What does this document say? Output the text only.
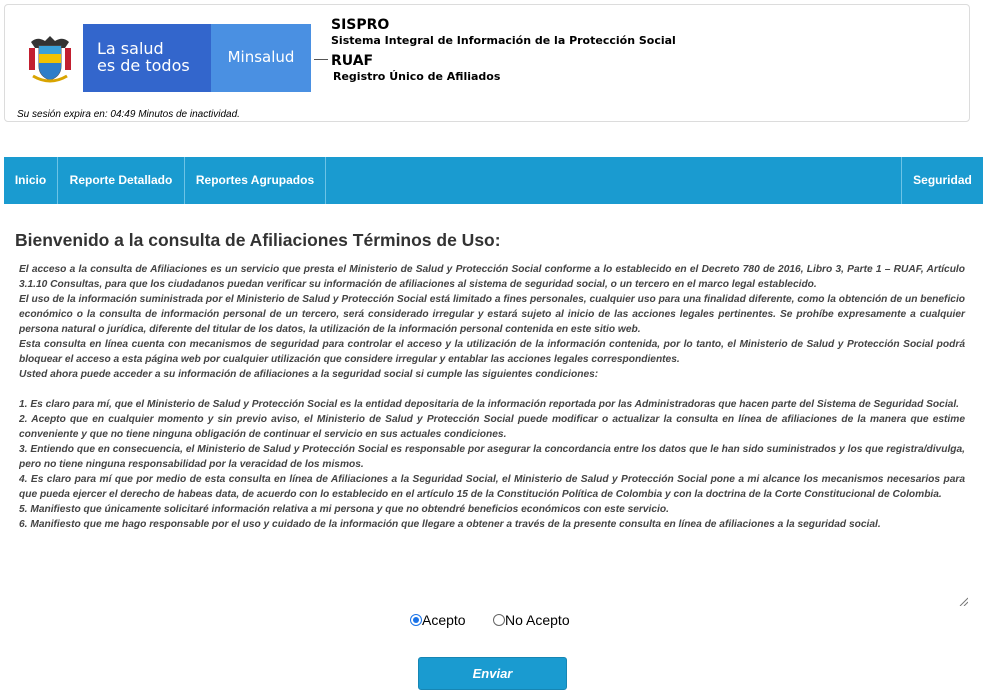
La salud
es de todos	Minsalud
SISPRO
Sistema Integral de Información de la Protección Social
RUAF
Registro Único de Afiliados
Su sesión expira en: 04:49 Minutos de inactividad.
Inicio	Reporte Detallado	Reportes Agrupados	Seguridad
Bienvenido a la consulta de Afiliaciones Términos de Uso:

El acceso a la consulta de Afiliaciones es un servicio que presta el Ministerio de Salud y Protección Social conforme a lo establecido en el Decreto 780 de 2016, Libro 3, Parte 1 – RUAF, Artículo 3.1.10 Consultas, para que los ciudadanos puedan verificar su información de afiliaciones al sistema de seguridad social, o un tercero en el marco legal establecido.

El uso de la información suministrada por el Ministerio de Salud y Protección Social está limitado a fines personales, cualquier uso para una finalidad diferente, como la obtención de un beneficio económico o la consulta de información personal de un tercero, será considerado irregular y estará sujeto al inicio de las acciones legales pertinentes. Se prohíbe expresamente a cualquier persona natural o jurídica, diferente del titular de los datos, la utilización de la información personal contenida en este sitio web.

Esta consulta en línea cuenta con mecanismos de seguridad para controlar el acceso y la utilización de la información contenida, por lo tanto, el Ministerio de Salud y Protección Social podrá bloquear el acceso a esta página web por cualquier utilización que considere irregular y entablar las acciones legales correspondientes.

Usted ahora puede acceder a su información de afiliaciones a la seguridad social si cumple las siguientes condiciones:

1. Es claro para mí, que el Ministerio de Salud y Protección Social es la entidad depositaria de la información reportada por las Administradoras que hacen parte del Sistema de Seguridad Social.

2. Acepto que en cualquier momento y sin previo aviso, el Ministerio de Salud y Protección Social puede modificar o actualizar la consulta en línea de afiliaciones de la manera que estime conveniente y que no tiene ninguna obligación de continuar el servicio en sus actuales condiciones.

3. Entiendo que en consecuencia, el Ministerio de Salud y Protección Social es responsable por asegurar la concordancia entre los datos que le han sido suministrados y los que registra/divulga, pero no tiene ninguna responsabilidad por la veracidad de los mismos.

4. Es claro para mí que por medio de esta consulta en línea de Afiliaciones a la Seguridad Social, el Ministerio de Salud y Protección Social pone a mi alcance los mecanismos necesarios para que pueda ejercer el derecho de habeas data, de acuerdo con lo establecido en el artículo 15 de la Constitución Política de Colombia y con la doctrina de la Corte Constitucional de Colombia.

5. Manifiesto que únicamente solicitaré información relativa a mi persona y que no obtendré beneficios económicos con este servicio.

6. Manifiesto que me hago responsable por el uso y cuidado de la información que llegare a obtener a través de la presente consulta en línea de afiliaciones a la seguridad social.

Acepto	No Acepto
Enviar
